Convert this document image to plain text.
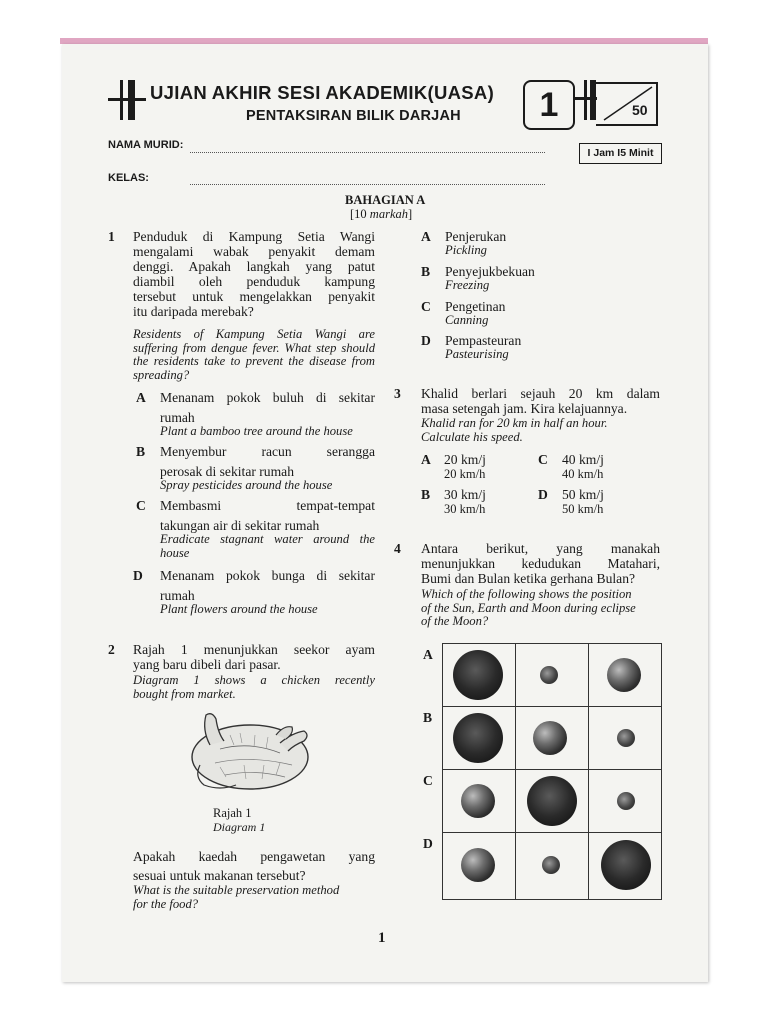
UJIAN AKHIR SESI AKADEMIK(UASA)
PENTAKSIRAN BILIK DARJAH	1	50
NAMA MURID:
I Jam I5 Minit
KELAS:
BAHAGIAN A
[10 markah]
1 Penduduk di Kampung Setia Wangi
mengalami wabak penyakit demam
denggi. Apakah langkah yang patut
diambil oleh penduduk kampung
tersebut untuk mengelakkan penyakit
itu daripada merebak?
Residents of Kampung Setia Wangi are
suffering from dengue fever. What step should
the residents take to prevent the disease from
spreading?
A Menanam pokok buluh di sekitar
rumah
Plant a bamboo tree around the house
B Menyembur racun serangga
perosak di sekitar rumah
Spray pesticides around the house
C Membasmi tempat-tempat
takungan air di sekitar rumah
Eradicate stagnant water around the
house
D Menanam pokok bunga di sekitar
rumah
Plant flowers around the house
2 Rajah 1 menunjukkan seekor ayam
yang baru dibeli dari pasar.
Diagram 1 shows a chicken recently
bought from market.
Rajah 1
Diagram 1
Apakah kaedah pengawetan yang
sesuai untuk makanan tersebut?
What is the suitable preservation method
for the food?
A Penjerukan
Pickling
B Penyejukbekuan
Freezing
C Pengetinan
Canning
D Pempasteuran
Pasteurising
3 Khalid berlari sejauh 20 km dalam
masa setengah jam. Kira kelajuannya.
Khalid ran for 20 km in half an hour.
Calculate his speed.
A 20 km/j
20 km/h
C 40 km/j
40 km/h
B 30 km/j
30 km/h
D 50 km/j
50 km/h
4 Antara berikut, yang manakah
menunjukkan kedudukan Matahari,
Bumi dan Bulan ketika gerhana Bulan?
Which of the following shows the position
of the Sun, Earth and Moon during eclipse
of the Moon?
A
B
C
D
1
